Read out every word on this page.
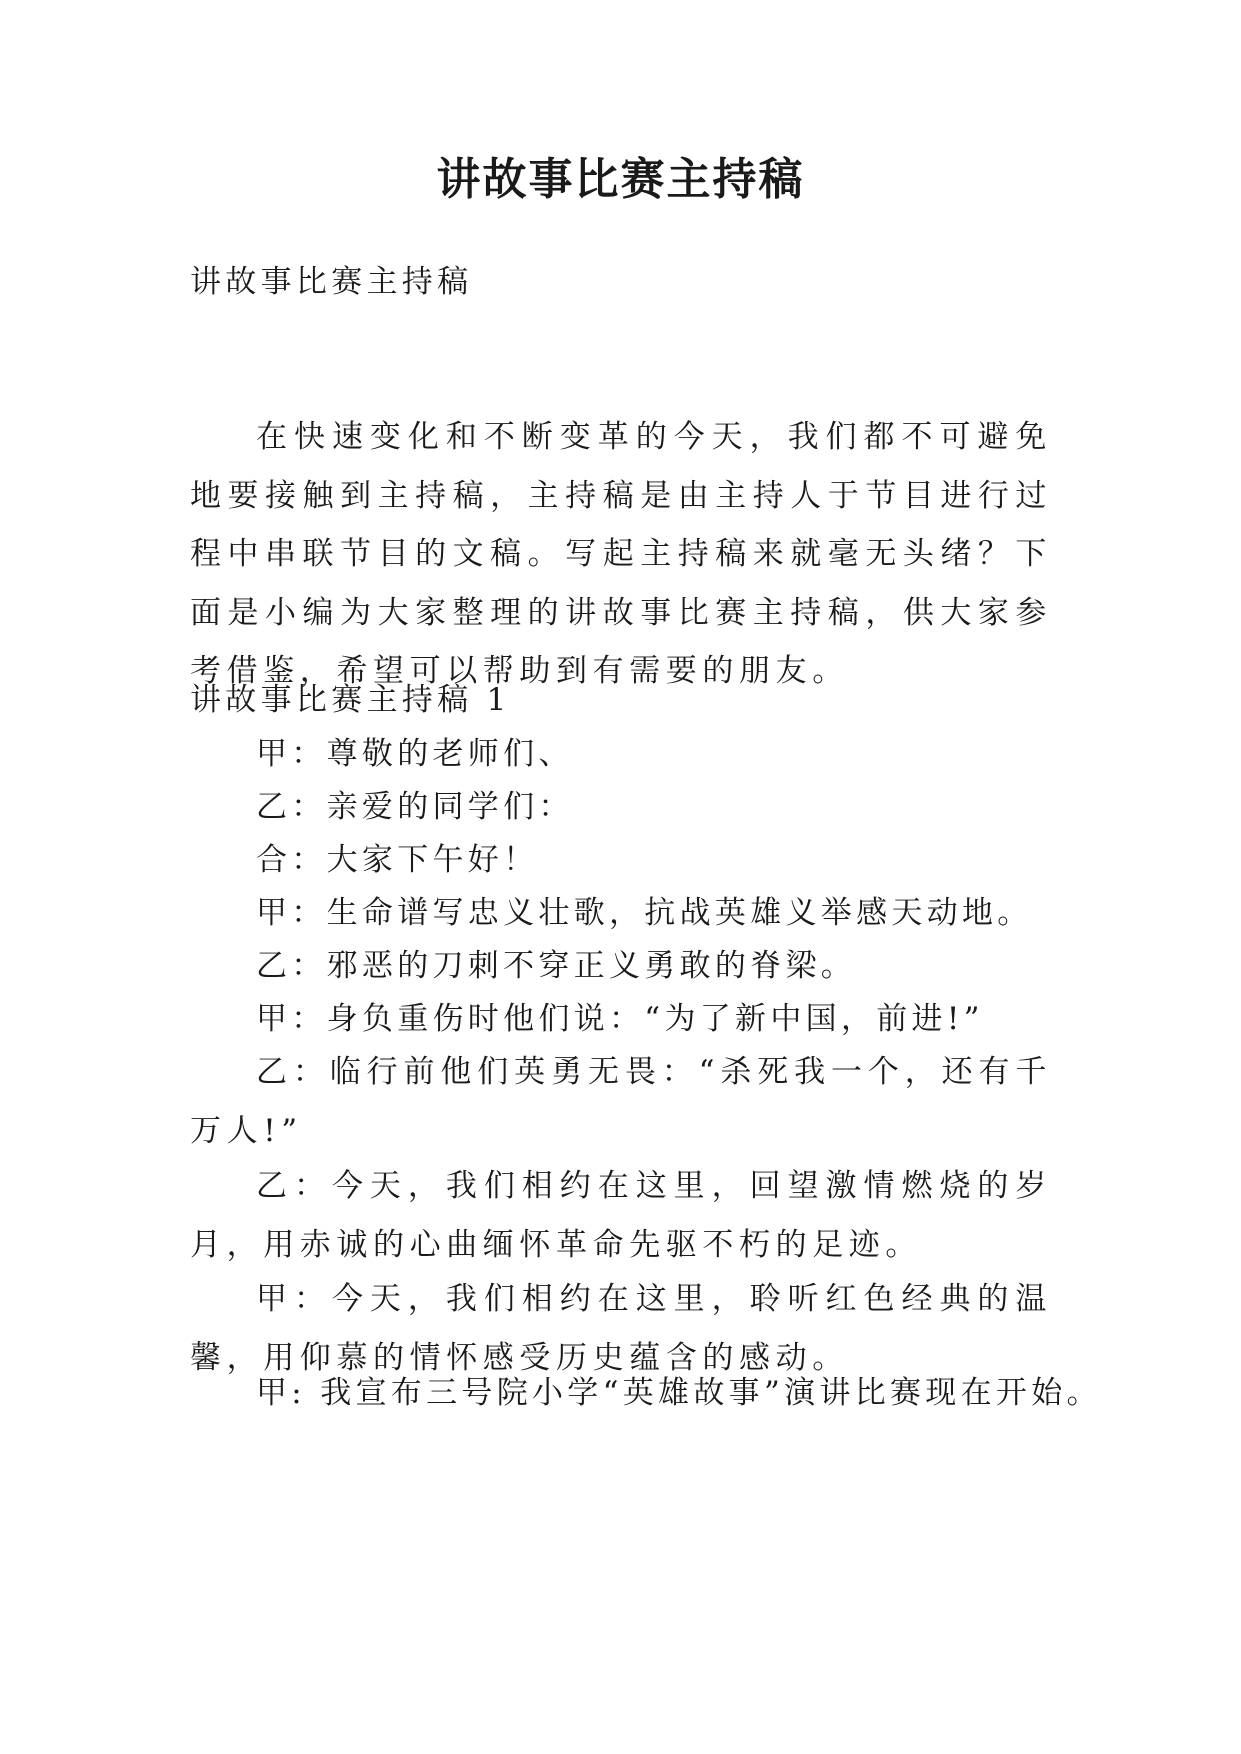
讲故事比赛主持稿
讲故事比赛主持稿
在快速变化和不断变革的今天，我们都不可避免地要接触到主持稿，主持稿是由主持人于节目进行过程中串联节目的文稿。写起主持稿来就毫无头绪？下面是小编为大家整理的讲故事比赛主持稿，供大家参考借鉴，希望可以帮助到有需要的朋友。
讲故事比赛主持稿 1
甲：尊敬的老师们、
乙：亲爱的同学们：
合：大家下午好！
甲：生命谱写忠义壮歌，抗战英雄义举感天动地。
乙：邪恶的刀刺不穿正义勇敢的脊梁。
甲：身负重伤时他们说：“为了新中国，前进!”
乙：临行前他们英勇无畏：“杀死我一个，还有千万人!”
乙：今天，我们相约在这里，回望激情燃烧的岁月，用赤诚的心曲缅怀革命先驱不朽的足迹。
甲：今天，我们相约在这里，聆听红色经典的温馨，用仰慕的情怀感受历史蕴含的感动。
甲: 我宣布三号院小学“英雄故事”演讲比赛现在开始。
